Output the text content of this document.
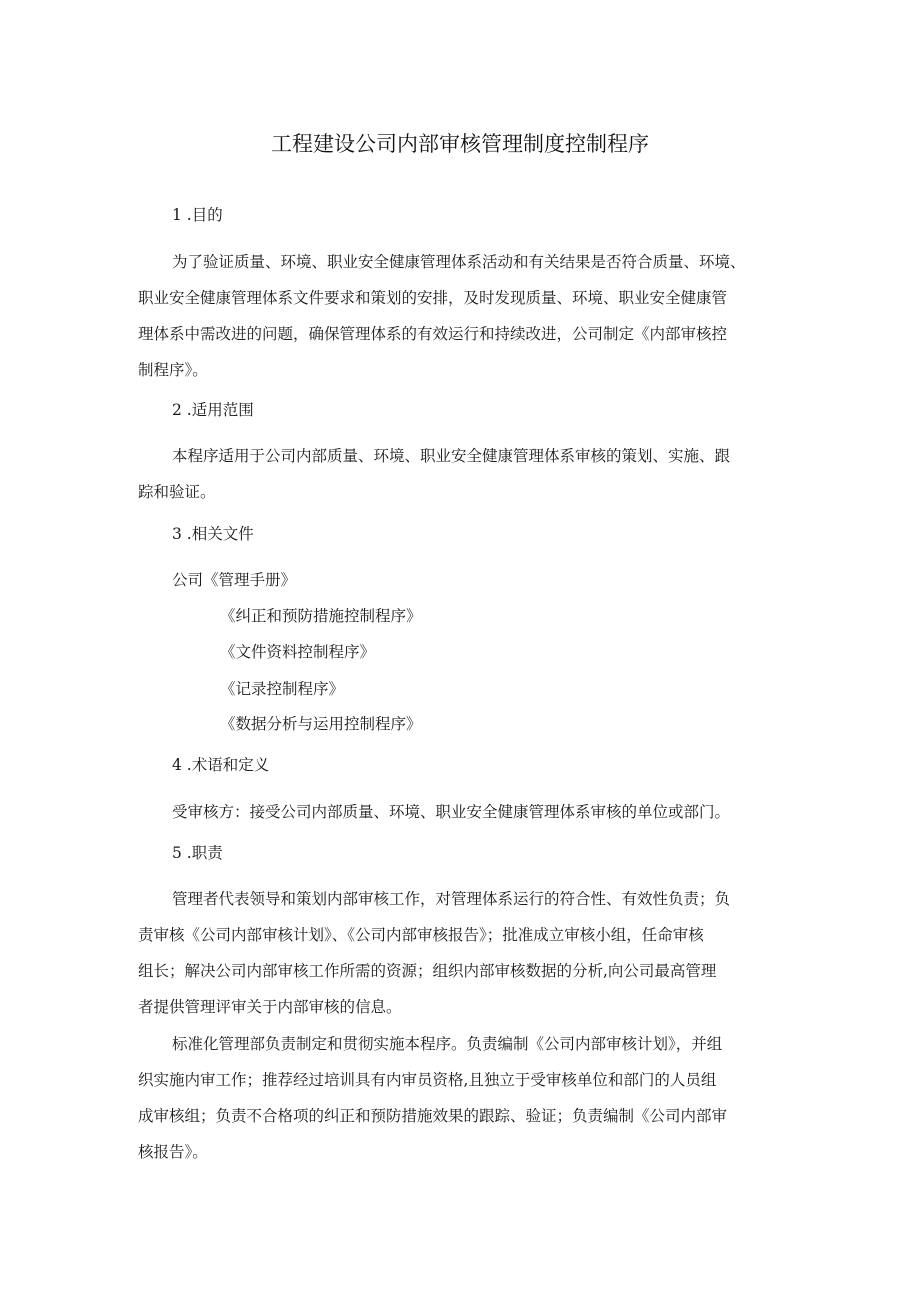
工程建设公司内部审核管理制度控制程序
1 .目的
为了验证质量、环境、职业安全健康管理体系活动和有关结果是否符合质量、环境、
职业安全健康管理体系文件要求和策划的安排，及时发现质量、环境、职业安全健康管
理体系中需改进的问题，确保管理体系的有效运行和持续改进，公司制定《内部审核控
制程序》。
2 .适用范围
本程序适用于公司内部质量、环境、职业安全健康管理体系审核的策划、实施、跟
踪和验证。
3 .相关文件
公司《管理手册》
《纠正和预防措施控制程序》
《文件资料控制程序》
《记录控制程序》
《数据分析与运用控制程序》
4 .术语和定义
受审核方：接受公司内部质量、环境、职业安全健康管理体系审核的单位或部门。
5 .职责
管理者代表领导和策划内部审核工作，对管理体系运行的符合性、有效性负责；负
责审核《公司内部审核计划》、《公司内部审核报告》；批准成立审核小组，任命审核
组长；解决公司内部审核工作所需的资源；组织内部审核数据的分析,向公司最高管理
者提供管理评审关于内部审核的信息。
标准化管理部负责制定和贯彻实施本程序。负责编制《公司内部审核计划》，并组
织实施内审工作；推荐经过培训具有内审员资格,且独立于受审核单位和部门的人员组
成审核组；负责不合格项的纠正和预防措施效果的跟踪、验证；负责编制《公司内部审
核报告》。
